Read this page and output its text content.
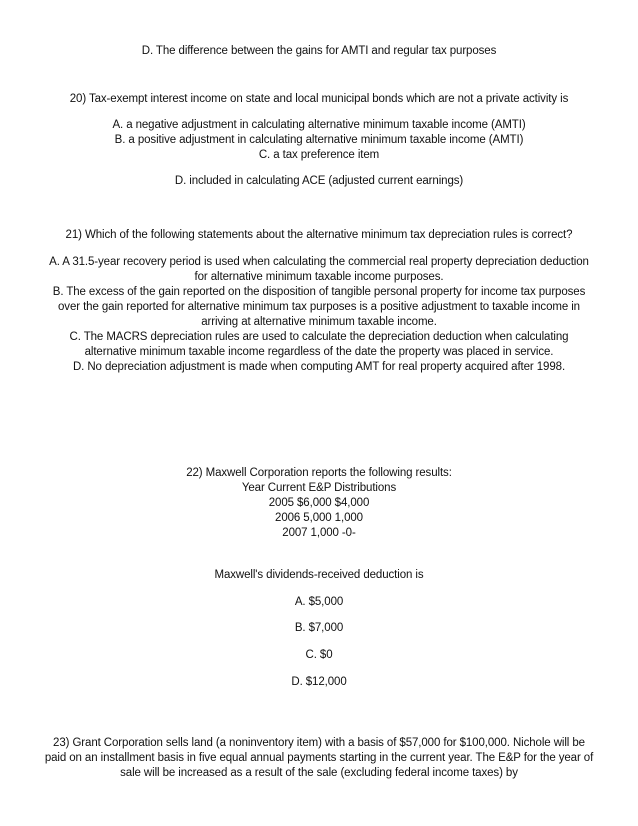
D. The difference between the gains for AMTI and regular tax purposes
20) Tax-exempt interest income on state and local municipal bonds which are not a private activity is
A. a negative adjustment in calculating alternative minimum taxable income (AMTI)
B. a positive adjustment in calculating alternative minimum taxable income (AMTI)
C. a tax preference item
D. included in calculating ACE (adjusted current earnings)
21) Which of the following statements about the alternative minimum tax depreciation rules is correct?
A. A 31.5-year recovery period is used when calculating the commercial real property depreciation deduction
for alternative minimum taxable income purposes.
B. The excess of the gain reported on the disposition of tangible personal property for income tax purposes
over the gain reported for alternative minimum tax purposes is a positive adjustment to taxable income in
arriving at alternative minimum taxable income.
C. The MACRS depreciation rules are used to calculate the depreciation deduction when calculating
alternative minimum taxable income regardless of the date the property was placed in service.
D. No depreciation adjustment is made when computing AMT for real property acquired after 1998.
22) Maxwell Corporation reports the following results:
Year Current E&P Distributions
2005 $6,000 $4,000
2006 5,000 1,000
2007 1,000 -0-
Maxwell's dividends-received deduction is
A. $5,000
B. $7,000
C. $0
D. $12,000
23) Grant Corporation sells land (a noninventory item) with a basis of $57,000 for $100,000. Nichole will be
paid on an installment basis in five equal annual payments starting in the current year. The E&P for the year of
sale will be increased as a result of the sale (excluding federal income taxes) by
